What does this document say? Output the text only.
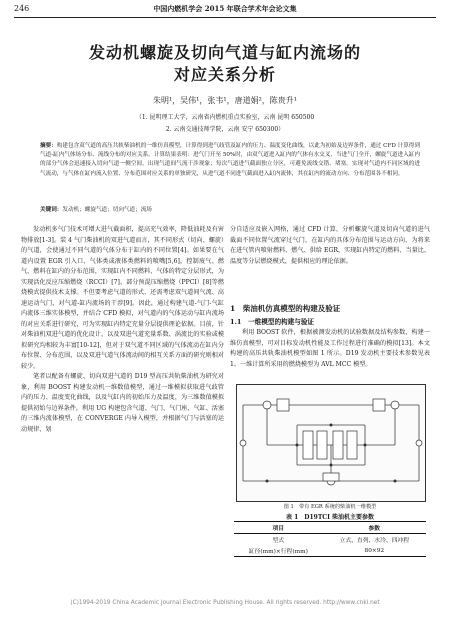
246	中国内燃机学会 2015 年联合学术年会论文集
发动机螺旋及切向气道与缸内流场的
对应关系分析
朱明¹，吴伟¹，张韦¹，唐道娟²，陈贵升¹
（1. 昆明理工大学，云南省内燃机重点实验室，云南 昆明 650500
2. 云南交通技师学院，云南 安宁 650300）
摘要：构建包含双气道的高压共轨柴油机的一维仿真模型，计算得到进气歧管及缸内的压力、温度变化曲线，以此为初始及边界条件，通过 CFD 计算得到气道-缸内气体场分布、流线分布的对应关系。计算结果表明：进气门开至 50%时，由双气道进入缸内的气体有水交叉，当进气门全开，螺旋气道进入缸内的部分气体会迅速接入切向气道一侧空间，出现气道间气流干涉现象；每次气道进气截面独立分区，可避免流线交错、堵塞。实现对气道内不同区域的进气流动，与气体在缸内流入位置、分布范围对应关系的单独研究，从进气道不同进气截面进入缸内流体，其在缸内的流动方向、分布范围各不相同。
关键词：发动机；螺旋气道；切向气道；流场

发动机多气门技术可增大进气截面积，提高充气效率，降低油耗及有害物排放[1-3]。装 4 气门柴油机的双进气道而言，其不同形式（切向、螺旋）的气道，会使通过不同气道的气体分布于缸内的不同位置[4]。如果要在气道内设置 EGR 引入口、气体类或液体类燃料的喷嘴[5,6]，控制废气、燃气、燃料在缸内的分布范围，实现缸内不同燃料、气体的特定分层形式，为实现活化反应压缩燃烧（RCCI）[7]、部分预混压缩燃烧（PPCI）[8]等燃烧模式提供技术支撑。不但要考虑气道的形式，还需考虑双气道间气流、高速运动气门，对气道-缸内流场的干涉[9]。因此，通过构建气道-气门-气缸内流体三维实体模型，并结合 CFD 模拟，对气道内的气体运动与缸内流场的对应关系进行研究，可为实现缸内特定充量分层提供理论依据。目前，针对柴油机双进气道的优化设计，以及双进气道充量系数、涡流比的实验或模拟研究均相较为丰富[10-12]，但对于双气道不同区域的气体流动在缸内分布位置、分布范围，以及双进气道气体流动间的相互关系方面的研究则相对较少。

笔者以配备有螺旋、切向双进气道的 D19 型高压共轨柴油机为研究对象，利用 BOOST 构建发动机一维数值模型，通过一维模拟获取进气歧管内的压力、温度变化曲线，以及气缸内的初始压力及温度，为三维数值模拟提供初始与边界条件，利用 UG 构建包含气道、气门、气门座、气缸、活塞的三维内流体模型，在 CONVERGE 内导入模型，并根据气门与活塞的运动规律，划

分自适应及嵌入网格，通过 CFD 计算，分析螺旋气道及切向气道的进气截面不同位置气流穿过气门，在缸内的具体分布范围与运动方向，为将来在进气管内喷射燃料、燃气、供给 EGR，实现缸内特定的燃料、当量比、温度等分层燃烧模式，提供相应的理论依据。

1　柴油机仿真模型的构建及验证
1.1　一维模型的构建与验证

利用 BOOST 软件，根据被测发动机的试验数据及结构参数，构建一维仿真模型，可对目标发动机性能及工作过程进行准确的模拟[13]。本文构建的高压共轨柴油机模型如图 1 所示。D19 发动机主要技术参数见表 1。一维计算所采用的燃烧模型为 AVL MCC 模型。

图 1　带有 EGR 系统的柴油机一维模型
表 1　D19TCI 柴油机主要参数
项目	参数
型式	立式、直列、水冷、四冲程
缸径(mm)×行程(mm)	80×92
(C)1994-2019 China Academic Journal Electronic Publishing House. All rights reserved. http://www.cnki.net
